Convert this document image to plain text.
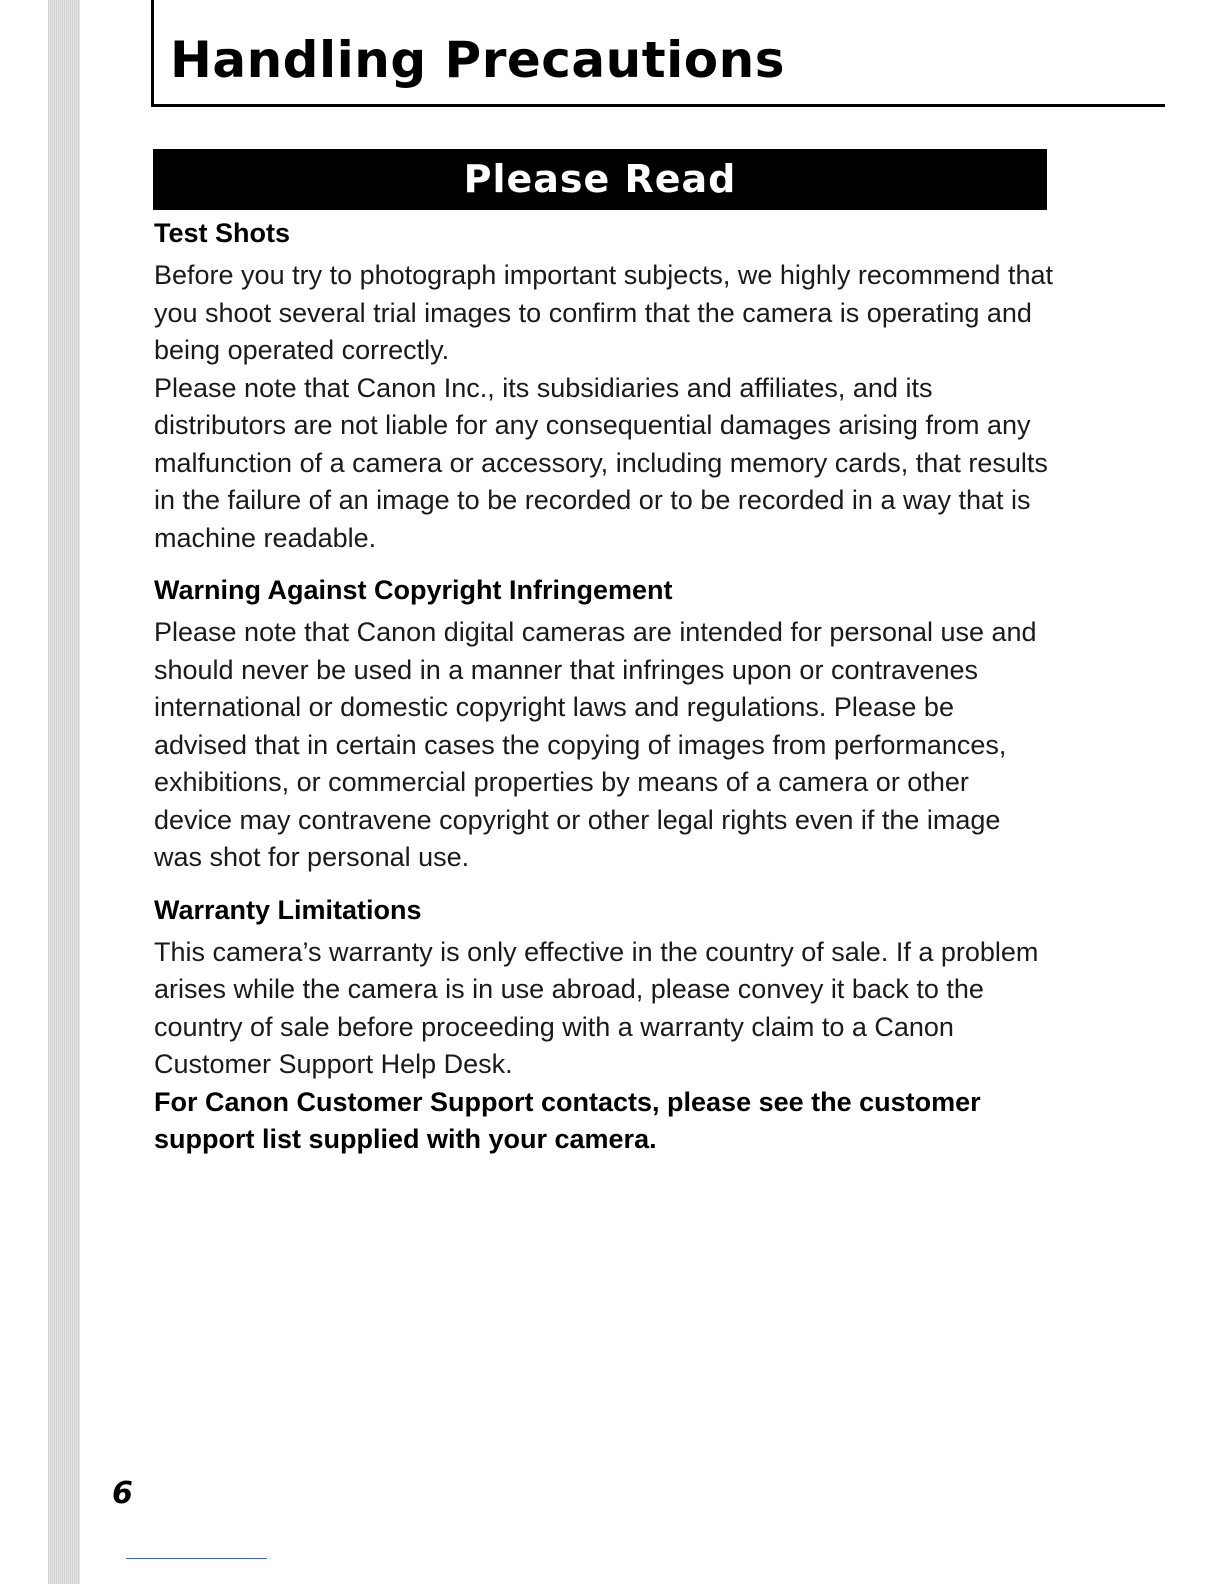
Handling Precautions
Please Read
Test Shots

Before you try to photograph important subjects, we highly recommend that you shoot several trial images to confirm that the camera is operating and being operated correctly.

Please note that Canon Inc., its subsidiaries and affiliates, and its distributors are not liable for any consequential damages arising from any malfunction of a camera or accessory, including memory cards, that results in the failure of an image to be recorded or to be recorded in a way that is machine readable.

Warning Against Copyright Infringement

Please note that Canon digital cameras are intended for personal use and should never be used in a manner that infringes upon or contravenes international or domestic copyright laws and regulations. Please be advised that in certain cases the copying of images from performances, exhibitions, or commercial properties by means of a camera or other device may contravene copyright or other legal rights even if the image was shot for personal use.

Warranty Limitations

This camera’s warranty is only effective in the country of sale. If a problem arises while the camera is in use abroad, please convey it back to the country of sale before proceeding with a warranty claim to a Canon Customer Support Help Desk.

For Canon Customer Support contacts, please see the customer support list supplied with your camera.

6
